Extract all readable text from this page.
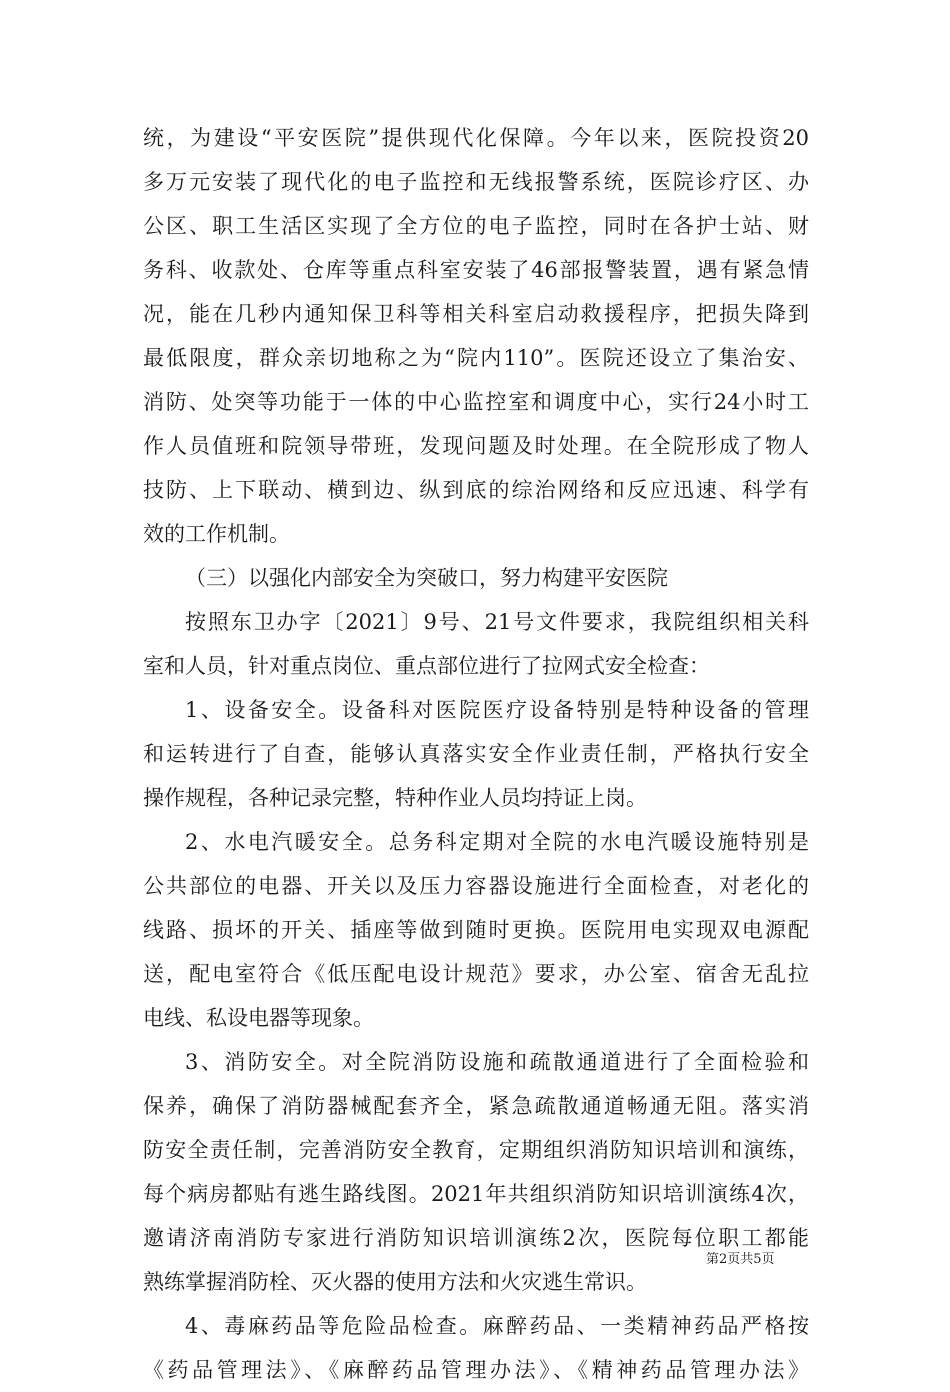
统，为建设“平安医院”提供现代化保障。今年以来，医院投资20
多万元安装了现代化的电子监控和无线报警系统，医院诊疗区、办
公区、职工生活区实现了全方位的电子监控，同时在各护士站、财
务科、收款处、仓库等重点科室安装了46部报警装置，遇有紧急情
况，能在几秒内通知保卫科等相关科室启动救援程序，把损失降到
最低限度，群众亲切地称之为“院内110”。医院还设立了集治安、
消防、处突等功能于一体的中心监控室和调度中心，实行24小时工
作人员值班和院领导带班，发现问题及时处理。在全院形成了物人
技防、上下联动、横到边、纵到底的综治网络和反应迅速、科学有
效的工作机制。
（三）以强化内部安全为突破口，努力构建平安医院
按照东卫办字〔2021〕9号、21号文件要求，我院组织相关科
室和人员，针对重点岗位、重点部位进行了拉网式安全检查：
1、设备安全。设备科对医院医疗设备特别是特种设备的管理
和运转进行了自查，能够认真落实安全作业责任制，严格执行安全
操作规程，各种记录完整，特种作业人员均持证上岗。
2、水电汽暖安全。总务科定期对全院的水电汽暖设施特别是
公共部位的电器、开关以及压力容器设施进行全面检查，对老化的
线路、损坏的开关、插座等做到随时更换。医院用电实现双电源配
送，配电室符合《低压配电设计规范》要求，办公室、宿舍无乱拉
电线、私设电器等现象。
3、消防安全。对全院消防设施和疏散通道进行了全面检验和
保养，确保了消防器械配套齐全，紧急疏散通道畅通无阻。落实消
防安全责任制，完善消防安全教育，定期组织消防知识培训和演练，
每个病房都贴有逃生路线图。2021年共组织消防知识培训演练4次，
邀请济南消防专家进行消防知识培训演练2次，医院每位职工都能
熟练掌握消防栓、灭火器的使用方法和火灾逃生常识。
4、毒麻药品等危险品检查。麻醉药品、一类精神药品严格按
《药品管理法》、《麻醉药品管理办法》、《精神药品管理办法》
第2页共5页
